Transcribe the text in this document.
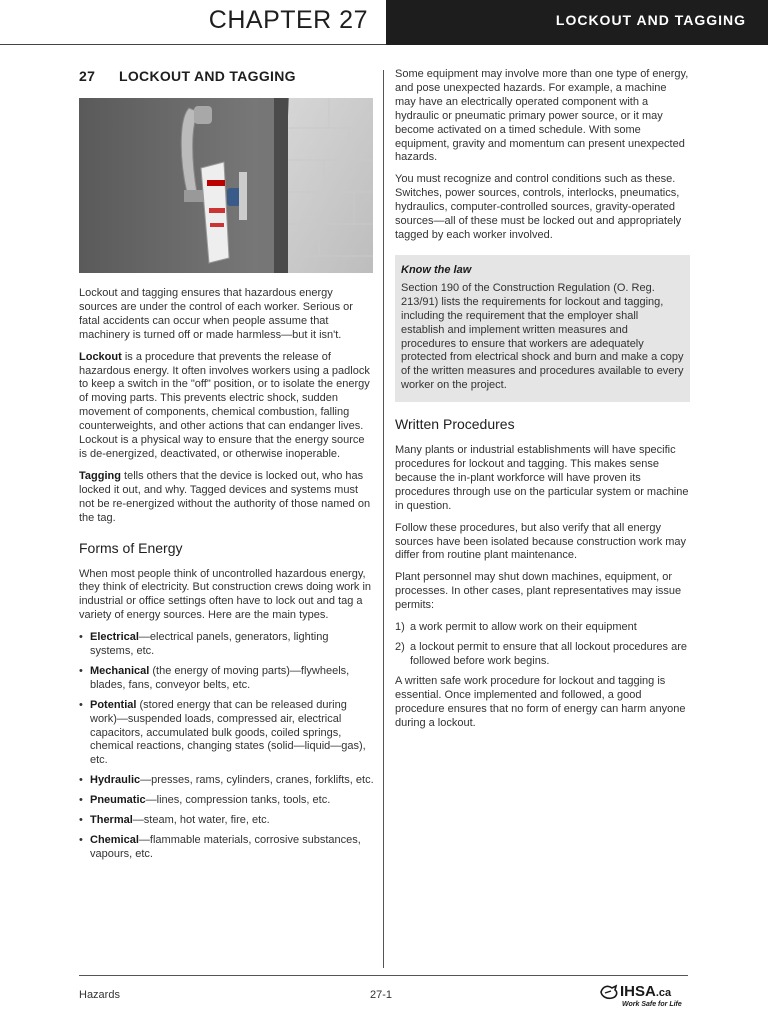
CHAPTER 27	LOCKOUT AND TAGGING
27 LOCKOUT AND TAGGING

Lockout and tagging ensures that hazardous energy sources are under the control of each worker. Serious or fatal accidents can occur when people assume that machinery is turned off or made harmless—but it isn't.

Lockout is a procedure that prevents the release of hazardous energy. It often involves workers using a padlock to keep a switch in the "off" position, or to isolate the energy of moving parts. This prevents electric shock, sudden movement of components, chemical combustion, falling counterweights, and other actions that can endanger lives. Lockout is a physical way to ensure that the energy source is de-energized, deactivated, or otherwise inoperable.

Tagging tells others that the device is locked out, who has locked it out, and why. Tagged devices and systems must not be re-energized without the authority of those named on the tag.

Forms of Energy

When most people think of uncontrolled hazardous energy, they think of electricity. But construction crews doing work in industrial or office settings often have to lock out and tag a variety of energy sources. Here are the main types.

• Electrical—electrical panels, generators, lighting systems, etc.
• Mechanical (the energy of moving parts)—flywheels, blades, fans, conveyor belts, etc.
• Potential (stored energy that can be released during work)—suspended loads, compressed air, electrical capacitors, accumulated bulk goods, coiled springs, chemical reactions, changing states (solid—liquid—gas), etc.
• Hydraulic—presses, rams, cylinders, cranes, forklifts, etc.
• Pneumatic—lines, compression tanks, tools, etc.
• Thermal—steam, hot water, fire, etc.
• Chemical—flammable materials, corrosive substances, vapours, etc.

Some equipment may involve more than one type of energy, and pose unexpected hazards. For example, a machine may have an electrically operated component with a hydraulic or pneumatic primary power source, or it may become activated on a timed schedule. With some equipment, gravity and momentum can present unexpected hazards.

You must recognize and control conditions such as these. Switches, power sources, controls, interlocks, pneumatics, hydraulics, computer-controlled sources, gravity-operated sources—all of these must be locked out and appropriately tagged by each worker involved.

Know the law

Section 190 of the Construction Regulation (O. Reg. 213/91) lists the requirements for lockout and tagging, including the requirement that the employer shall establish and implement written measures and procedures to ensure that workers are adequately protected from electrical shock and burn and make a copy of the written measures and procedures available to every worker on the project.

Written Procedures

Many plants or industrial establishments will have specific procedures for lockout and tagging. This makes sense because the in-plant workforce will have proven its procedures through use on the particular system or machine in question.

Follow these procedures, but also verify that all energy sources have been isolated because construction work may differ from routine plant maintenance.

Plant personnel may shut down machines, equipment, or processes. In other cases, plant representatives may issue permits:

1) a work permit to allow work on their equipment
2) a lockout permit to ensure that all lockout procedures are followed before work begins.

A written safe work procedure for lockout and tagging is essential. Once implemented and followed, a good procedure ensures that no form of energy can harm anyone during a lockout.

Hazards	27-1	IHSA.ca
Work Safe for Life
